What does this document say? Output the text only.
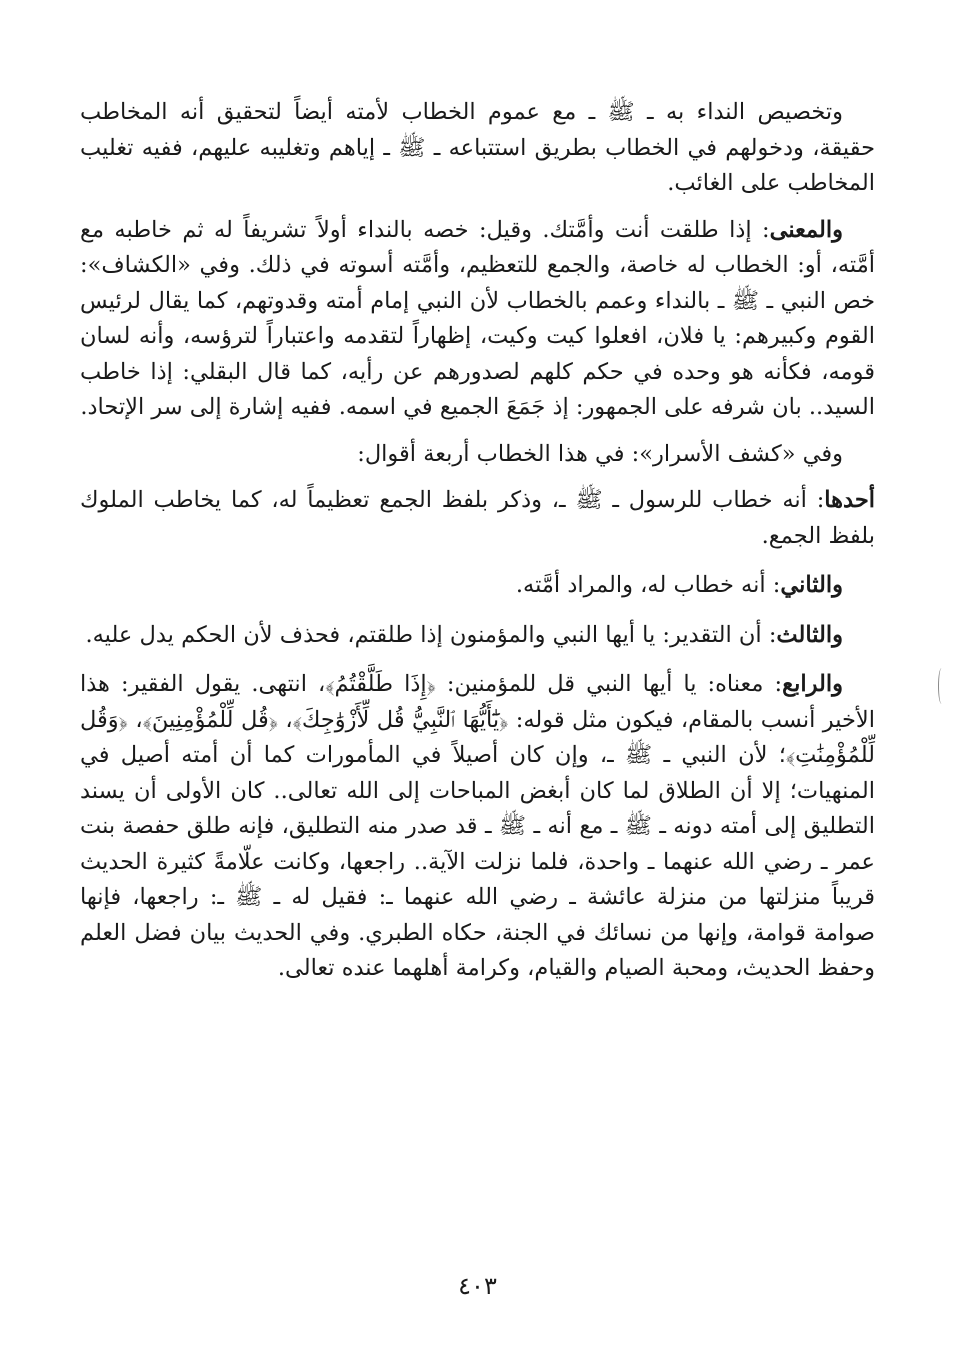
وتخصيص النداء به ـ ﷺ ـ مع عموم الخطاب لأمته أيضاً لتحقيق أنه المخاطب حقيقة، ودخولهم في الخطاب بطريق استتباعه ـ ﷺ ـ إياهم وتغليبه عليهم، ففيه تغليب المخاطب على الغائب.

والمعنى: إذا طلقت أنت وأمَّتك. وقيل: خصه بالنداء أولاً تشريفاً له ثم خاطبه مع أمَّته، أو: الخطاب له خاصة، والجمع للتعظيم، وأمَّته أسوته في ذلك. وفي «الكشاف»: خص النبي ـ ﷺ ـ بالنداء وعمم بالخطاب لأن النبي إمام أمته وقدوتهم، كما يقال لرئيس القوم وكبيرهم: يا فلان، افعلوا كيت وكيت، إظهاراً لتقدمه واعتباراً لترؤسه، وأنه لسان قومه، فكأنه هو وحده في حكم كلهم لصدورهم عن رأيه، كما قال البقلي: إذا خاطب السيد.. بان شرفه على الجمهور: إذ جَمَعَ الجميع في اسمه. ففيه إشارة إلى سر الإتحاد.

وفي «كشف الأسرار»: في هذا الخطاب أربعة أقوال:

أحدها: أنه خطاب للرسول ـ ﷺ ـ، وذكر بلفظ الجمع تعظيماً له، كما يخاطب الملوك بلفظ الجمع.

والثاني: أنه خطاب له، والمراد أمَّته.

والثالث: أن التقدير: يا أيها النبي والمؤمنون إذا طلقتم، فحذف لأن الحكم يدل عليه.

والرابع: معناه: يا أيها النبي قل للمؤمنين: ﴿إِذَا طَلَّقْتُمُ﴾، انتهى. يقول الفقير: هذا الأخير أنسب بالمقام، فيكون مثل قوله: ﴿يَٰٓأَيُّهَا ٱلنَّبِيُّ قُل لِّأَزْوَٰجِكَ﴾، ﴿قُل لِّلْمُؤْمِنِينَ﴾، ﴿وَقُل لِّلْمُؤْمِنَٰتِ﴾؛ لأن النبي ـ ﷺ ـ، وإن كان أصيلاً في المأمورات كما أن أمته أصيل في المنهيات؛ إلا أن الطلاق لما كان أبغض المباحات إلى الله تعالى.. كان الأولى أن يسند التطليق إلى أمته دونه ـ ﷺ ـ مع أنه ـ ﷺ ـ قد صدر منه التطليق، فإنه طلق حفصة بنت عمر ـ رضي الله عنهما ـ واحدة، فلما نزلت الآية.. راجعها، وكانت علّامةً كثيرة الحديث قريباً منزلتها من منزلة عائشة ـ رضي الله عنهما ـ: فقيل له ـ ﷺ ـ: راجعها، فإنها صوامة قوامة، وإنها من نسائك في الجنة، حكاه الطبري. وفي الحديث بيان فضل العلم وحفظ الحديث، ومحبة الصيام والقيام، وكرامة أهلهما عنده تعالى.

٤٠٣
